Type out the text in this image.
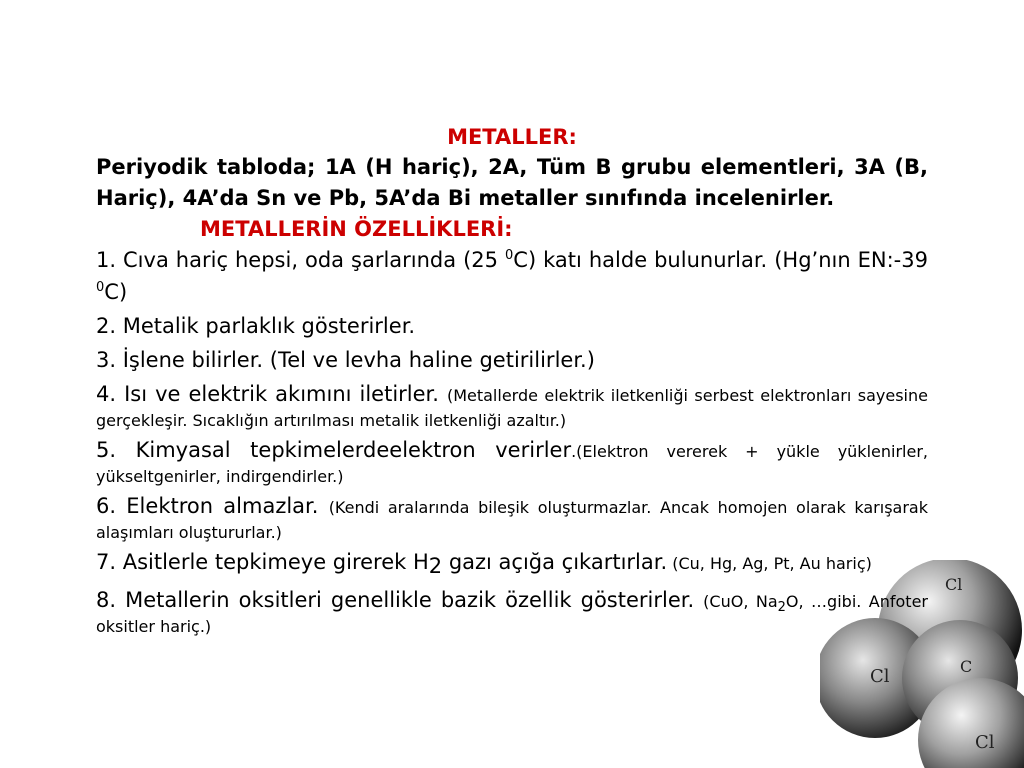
Cl	C
Cl
Cl

METALLER:

Periyodik tabloda; 1A (H hariç), 2A, Tüm B grubu elementleri, 3A (B, Hariç), 4A’da Sn ve Pb, 5A’da Bi metaller sınıfında incelenirler.

METALLERİN ÖZELLİKLERİ:

1. Cıva hariç hepsi, oda şarlarında (25 $^0$C) katı halde bulunurlar. (Hg’nın EN:-39 $^0$C)

2. Metalik parlaklık gösterirler.

3. İşlene bilirler. (Tel ve levha haline getirilirler.)

4. Isı ve elektrik akımını iletirler. (Metallerde elektrik iletkenliği serbest elektronları sayesine gerçekleşir. Sıcaklığın artırılması metalik iletkenliği azaltır.)

5. Kimyasal tepkimelerdeelektron verirler.(Elektron vererek + yükle yüklenirler, yükseltgenirler, indirgendirler.)

6. Elektron almazlar. (Kendi aralarında bileşik oluşturmazlar. Ancak homojen olarak karışarak alaşımları oluştururlar.)

7. Asitlerle tepkimeye girerek $H_2$ gazı açığa çıkartırlar. (Cu, Hg, Ag, Pt, Au hariç)

8. Metallerin oksitleri genellikle bazik özellik gösterirler. (CuO, $Na_2O$, …gibi. Anfoter oksitler hariç.)
